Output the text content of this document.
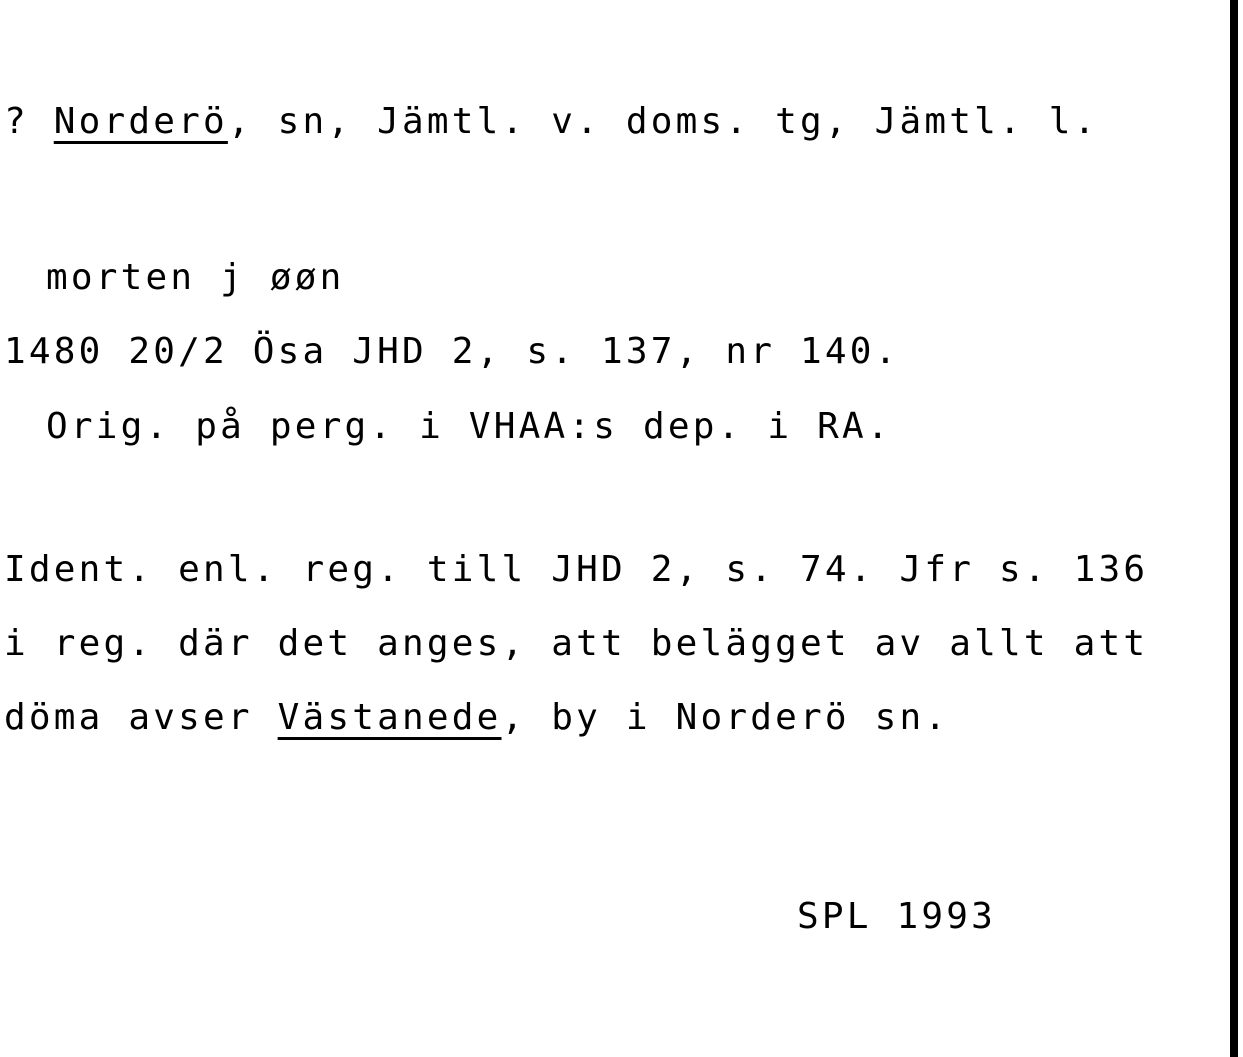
? Norderö, sn, Jämtl. v. doms. tg, Jämtl. l.
morten j øøn
1480 20/2 Ösa JHD 2, s. 137, nr 140.
Orig. på perg. i VHAA:s dep. i RA.
Ident. enl. reg. till JHD 2, s. 74. Jfr s. 136
i reg. där det anges, att belägget av allt att
döma avser Västanede, by i Norderö sn.
SPL 1993
